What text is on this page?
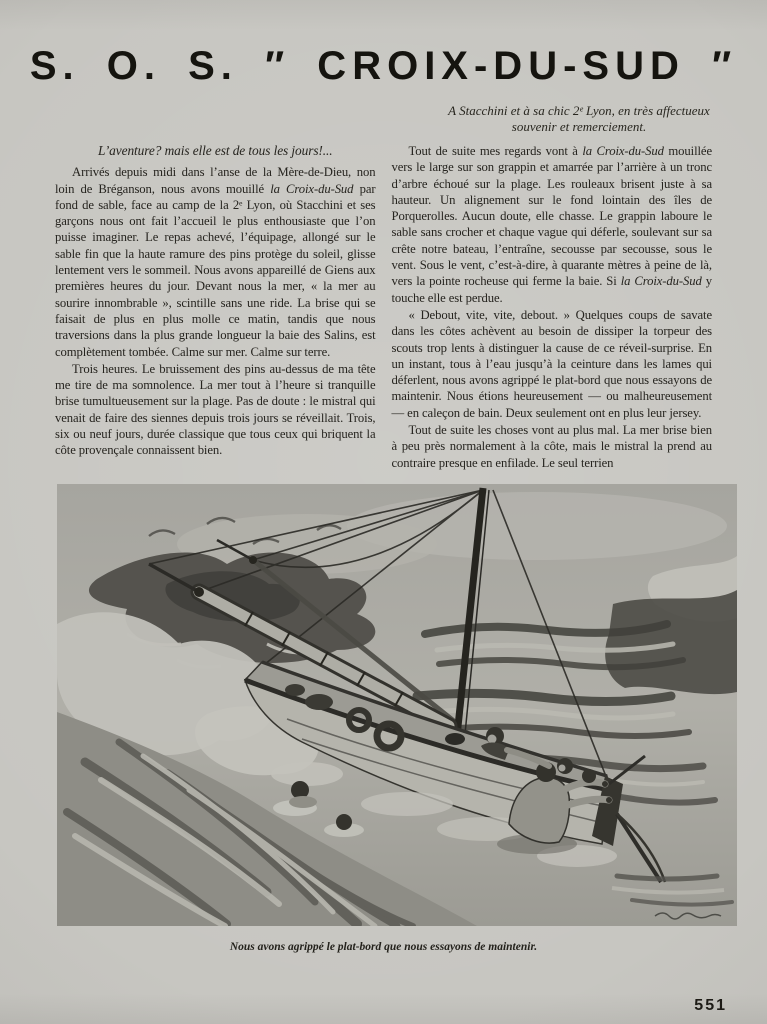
S. O. S. ″ CROIX-DU-SUD ″
A Stacchini et à sa chic 2ᵉ Lyon, en très affectueux souvenir et remerciement.

L’aventure? mais elle est de tous les jours!...

Arrivés depuis midi dans l’anse de la Mère-de-Dieu, non loin de Bréganson, nous avons mouillé la Croix-du-Sud par fond de sable, face au camp de la 2ᵉ Lyon, où Stacchini et ses garçons nous ont fait l’accueil le plus enthousiaste que l’on puisse imaginer. Le repas achevé, l’équipage, allongé sur le sable fin que la haute ramure des pins protège du soleil, glisse lentement vers le sommeil. Nous avons appareillé de Giens aux premières heures du jour. Devant nous la mer, « la mer au sourire innombrable », scintille sans une ride. La brise qui se faisait de plus en plus molle ce matin, tandis que nous traversions dans la plus grande longueur la baie des Salins, est complètement tombée. Calme sur mer. Calme sur terre.

Trois heures. Le bruissement des pins au-dessus de ma tête me tire de ma somnolence. La mer tout à l’heure si tranquille brise tumultueusement sur la plage. Pas de doute : le mistral qui venait de faire des siennes depuis trois jours se réveillait. Trois, six ou neuf jours, durée classique que tous ceux qui briquent la côte provençale connaissent bien.

Tout de suite mes regards vont à la Croix-du-Sud mouillée vers le large sur son grappin et amarrée par l’arrière à un tronc d’arbre échoué sur la plage. Les rouleaux brisent juste à sa hauteur. Un alignement sur le fond lointain des îles de Porquerolles. Aucun doute, elle chasse. Le grappin laboure le sable sans crocher et chaque vague qui déferle, soulevant sur sa crête notre bateau, l’entraîne, secousse par secousse, sous le vent. Sous le vent, c’est-à-dire, à quarante mètres à peine de là, vers la pointe rocheuse qui ferme la baie. Si la Croix-du-Sud y touche elle est perdue.

« Debout, vite, vite, debout. » Quelques coups de savate dans les côtes achèvent au besoin de dissiper la torpeur des scouts trop lents à distinguer la cause de ce réveil-surprise. En un instant, tous à l’eau jusqu’à la ceinture dans les lames qui déferlent, nous avons agrippé le plat-bord que nous essayons de maintenir. Nous étions heureusement — ou malheureusement — en caleçon de bain. Deux seulement ont en plus leur jersey.

Tout de suite les choses vont au plus mal. La mer brise bien à peu près normalement à la côte, mais le mistral la prend au contraire presque en enfilade. Le seul terrien

Nous avons agrippé le plat-bord que nous essayons de maintenir.
551
